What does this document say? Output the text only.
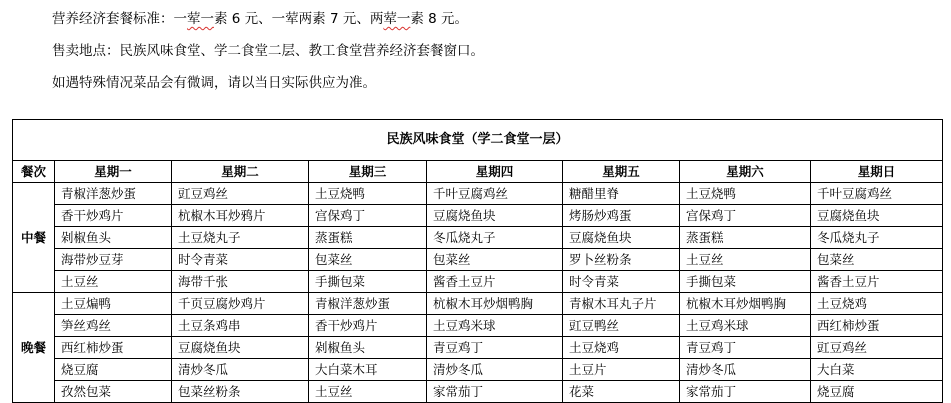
营养经济套餐标准：一荤一素 6 元、一荤两素 7 元、两荤一素 8 元。
售卖地点：民族风味食堂、学二食堂二层、教工食堂营养经济套餐窗口。
如遇特殊情况菜品会有微调，请以当日实际供应为准。
民族风味食堂（学二食堂一层）							
餐次	星期一	星期二	星期三	星期四	星期五	星期六	星期日
中餐	青椒洋葱炒蛋	豇豆鸡丝	土豆烧鸭	千叶豆腐鸡丝	糖醋里脊	土豆烧鸭	千叶豆腐鸡丝
	香干炒鸡片	杭椒木耳炒鸦片	宫保鸡丁	豆腐烧鱼块	烤肠炒鸡蛋	宫保鸡丁	豆腐烧鱼块
	剁椒鱼头	土豆烧丸子	蒸蛋糕	冬瓜烧丸子	豆腐烧鱼块	蒸蛋糕	冬瓜烧丸子
	海带炒豆芽	时令青菜	包菜丝	包菜丝	罗卜丝粉条	土豆丝	包菜丝
	土豆丝	海带千张	手撕包菜	酱香土豆片	时令青菜	手撕包菜	酱香土豆片
晚餐	土豆煸鸭	千页豆腐炒鸡片	青椒洋葱炒蛋	杭椒木耳炒烟鸭胸	青椒木耳丸子片	杭椒木耳炒烟鸭胸	土豆烧鸡
	笋丝鸡丝	土豆条鸡串	香干炒鸡片	土豆鸡米球	豇豆鸭丝	土豆鸡米球	西红柿炒蛋
	西红柿炒蛋	豆腐烧鱼块	剁椒鱼头	青豆鸡丁	土豆烧鸡	青豆鸡丁	豇豆鸡丝
	烧豆腐	清炒冬瓜	大白菜木耳	清炒冬瓜	土豆片	清炒冬瓜	大白菜
	孜然包菜	包菜丝粉条	土豆丝	家常茄丁	花菜	家常茄丁	烧豆腐
